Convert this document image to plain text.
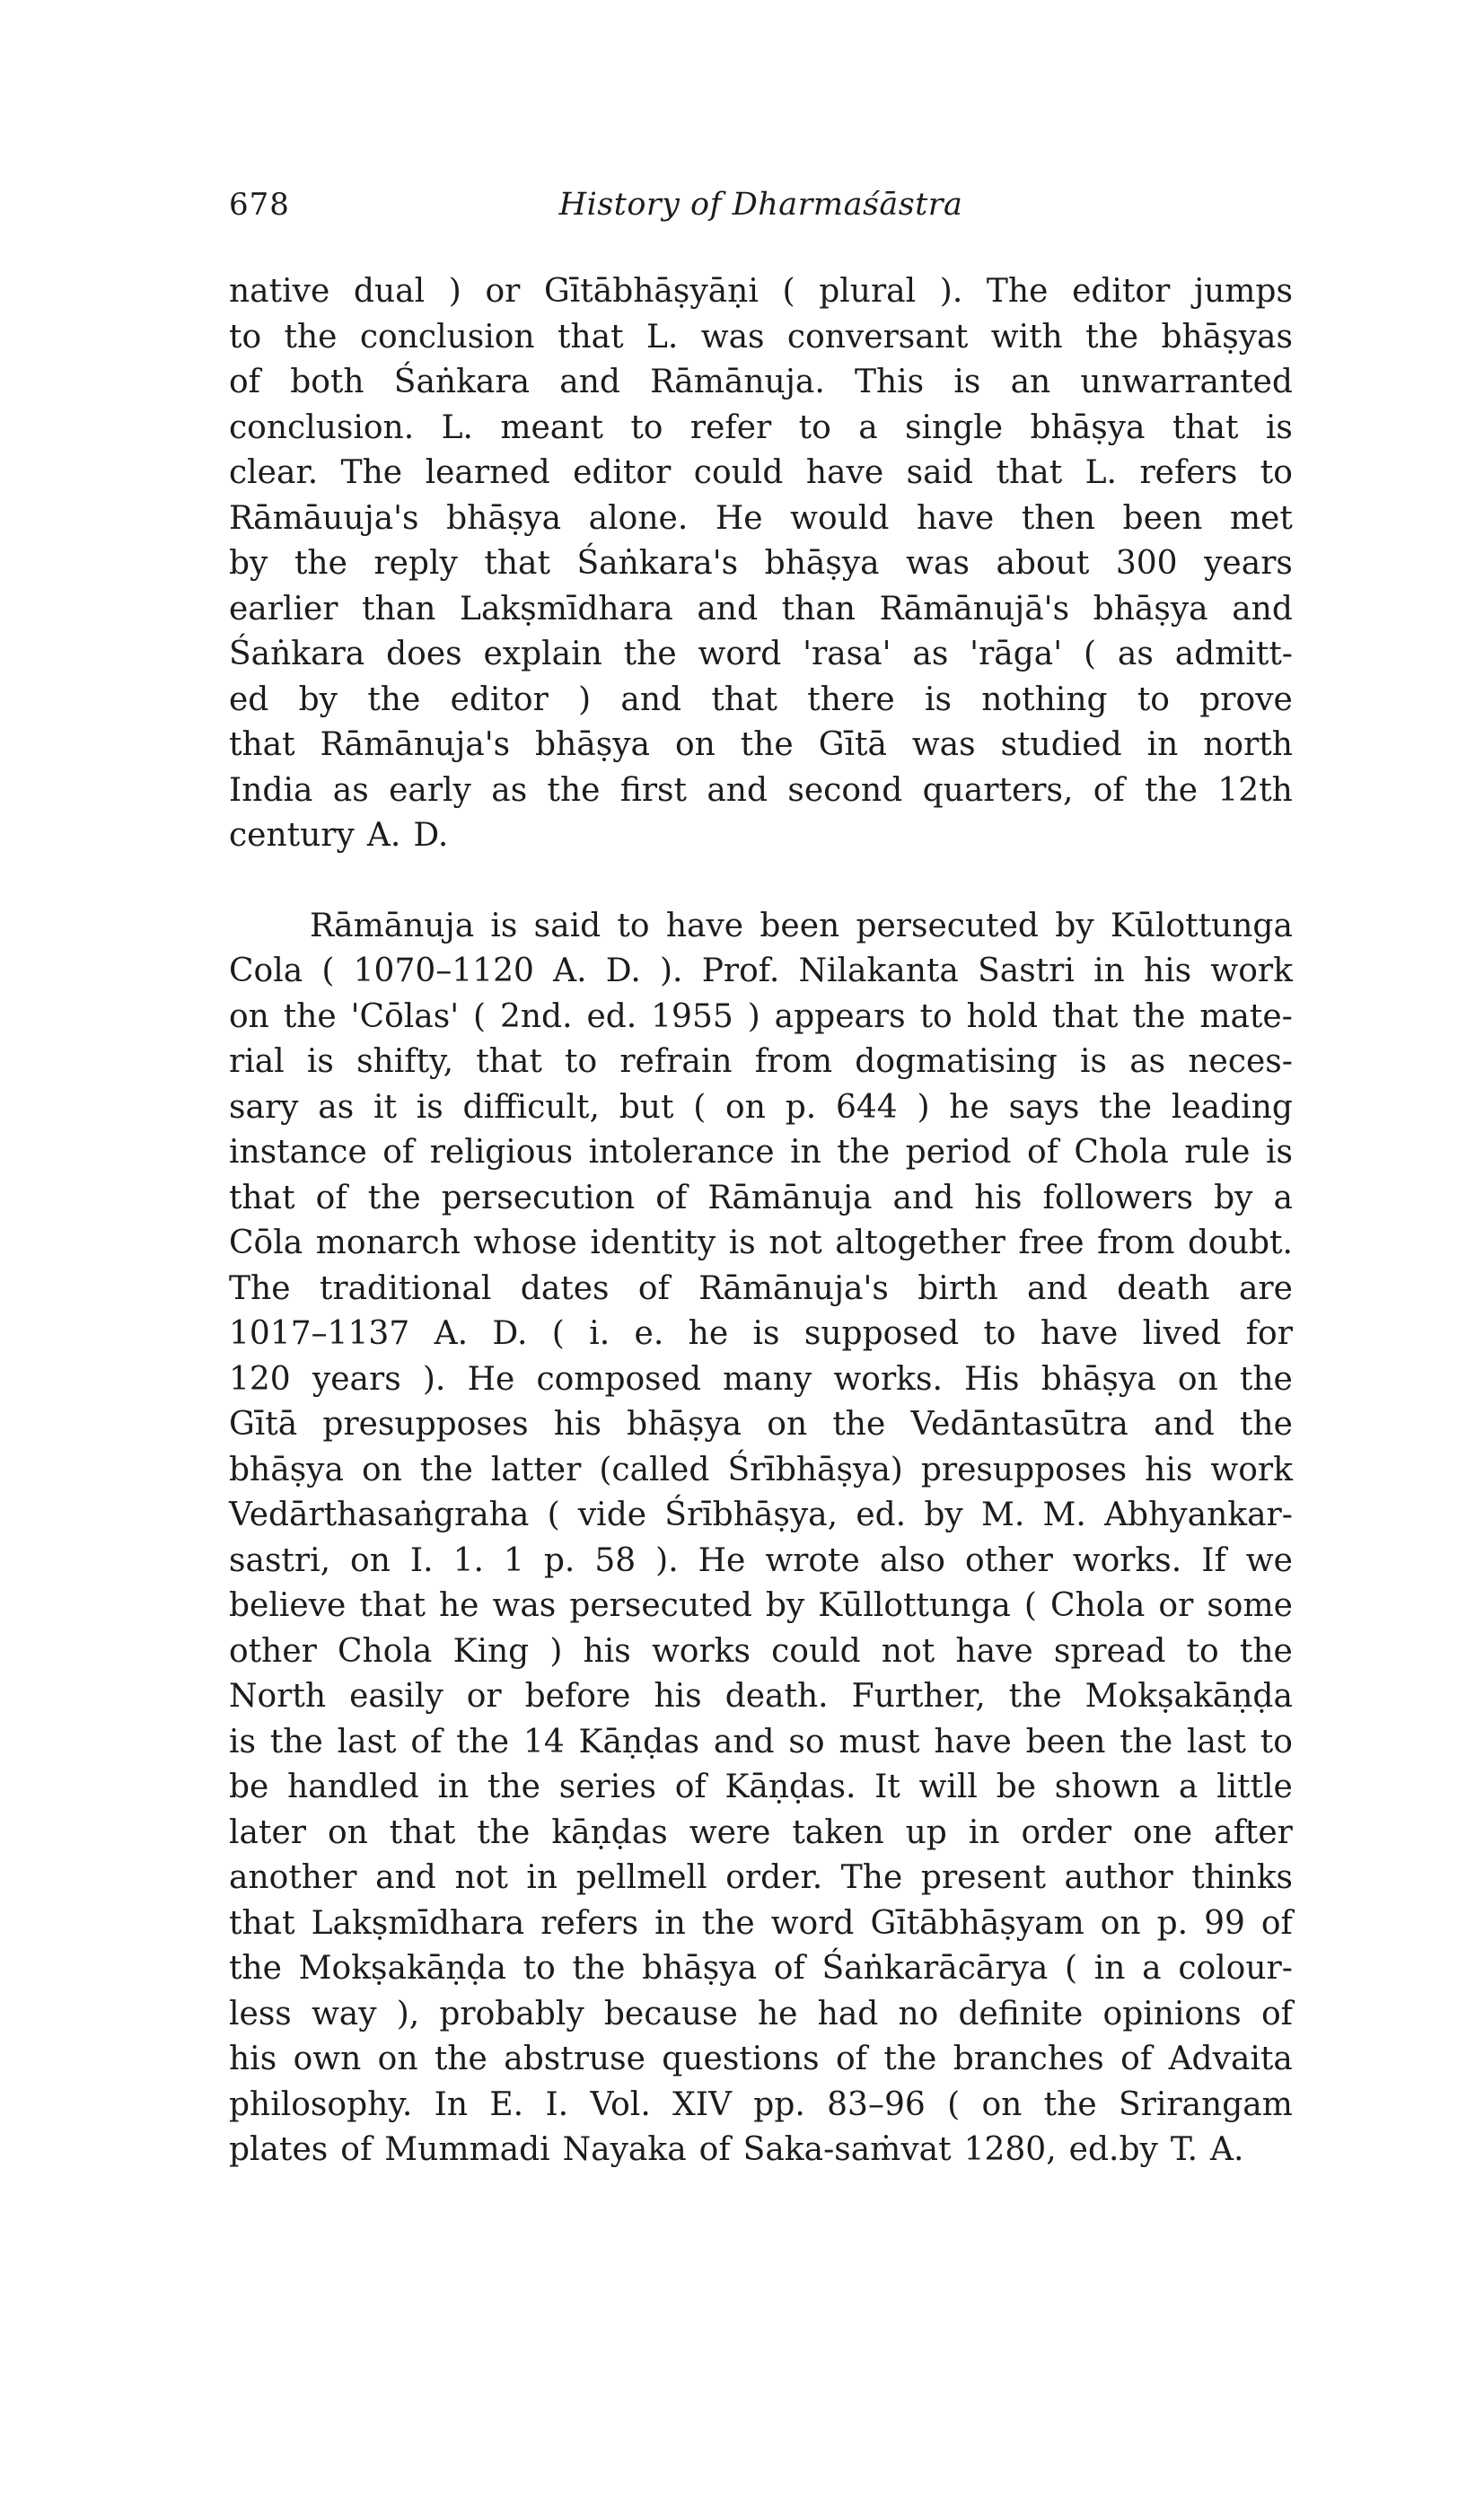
678	History of Dharmaśāstra
native dual ) or Gītābhāṣyāṇi ( plural ). The editor jumps
to the conclusion that L. was conversant with the bhāṣyas
of both Śaṅkara and Rāmānuja. This is an unwarranted
conclusion. L. meant to refer to a single bhāṣya that is
clear. The learned editor could have said that L. refers to
Rāmāuuja's bhāṣya alone. He would have then been met
by the reply that Śaṅkara's bhāṣya was about 300 years
earlier than Lakṣmīdhara and than Rāmānujā's bhāṣya and
Śaṅkara does explain the word 'rasa' as 'rāga' ( as admitt-
ed by the editor ) and that there is nothing to prove
that Rāmānuja's bhāṣya on the Gītā was studied in north
India as early as the first and second quarters, of the 12th
century A. D.
Rāmānuja is said to have been persecuted by Kūlottunga
Cola ( 1070–1120 A. D. ). Prof. Nilakanta Sastri in his work
on the 'Cōlas' ( 2nd. ed. 1955 ) appears to hold that the mate-
rial is shifty, that to refrain from dogmatising is as neces-
sary as it is difficult, but ( on p. 644 ) he says the leading
instance of religious intolerance in the period of Chola rule is
that of the persecution of Rāmānuja and his followers by a
Cōla monarch whose identity is not altogether free from doubt.
The traditional dates of Rāmānuja's birth and death are
1017–1137 A. D. ( i. e. he is supposed to have lived for
120 years ). He composed many works. His bhāṣya on the
Gītā presupposes his bhāṣya on the Vedāntasūtra and the
bhāṣya on the latter (called Śrībhāṣya) presupposes his work
Vedārthasaṅgraha ( vide Śrībhāṣya, ed. by M. M. Abhyankar-
sastri, on I. 1. 1 p. 58 ). He wrote also other works. If we
believe that he was persecuted by Kūllottunga ( Chola or some
other Chola King ) his works could not have spread to the
North easily or before his death. Further, the Mokṣakāṇḍa
is the last of the 14 Kāṇḍas and so must have been the last to
be handled in the series of Kāṇḍas. It will be shown a little
later on that the kāṇḍas were taken up in order one after
another and not in pellmell order. The present author thinks
that Lakṣmīdhara refers in the word Gītābhāṣyam on p. 99 of
the Mokṣakāṇḍa to the bhāṣya of Śaṅkarācārya ( in a colour-
less way ), probably because he had no definite opinions of
his own on the abstruse questions of the branches of Advaita
philosophy. In E. I. Vol. XIV pp. 83–96 ( on the Srirangam
plates of Mummadi Nayaka of Saka-saṁvat 1280, ed.by T. A.
